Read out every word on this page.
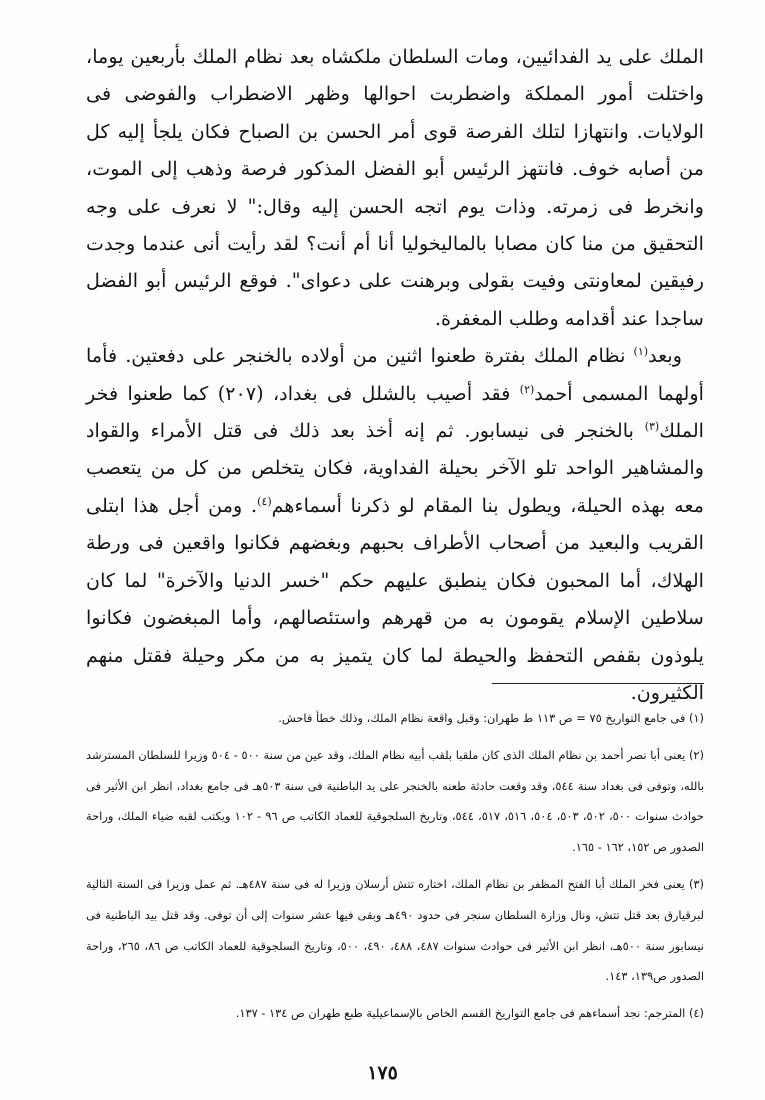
الملك على يد الفدائيين، ومات السلطان ملكشاه بعد نظام الملك بأربعين يوما، واختلت أمور المملكة واضطربت احوالها وظهر الاضطراب والفوضى فى الولايات. وانتهازا لتلك الفرصة قوى أمر الحسن بن الصباح فكان يلجأ إليه كل من أصابه خوف. فانتهز الرئيس أبو الفضل المذكور فرصة وذهب إلى الموت، وانخرط فى زمرته. وذات يوم اتجه الحسن إليه وقال:" لا نعرف على وجه التحقيق من منا كان مصابا بالماليخوليا أنا أم أنت؟ لقد رأيت أنى عندما وجدت رفيقين لمعاونتى وفيت بقولى وبرهنت على دعواى". فوقع الرئيس أبو الفضل ساجدا عند أقدامه وطلب المغفرة.

وبعد$^{(١)}$ نظام الملك بفترة طعنوا اثنين من أولاده بالخنجر على دفعتين. فأما أولهما المسمى أحمد$^{(٢)}$ فقد أصيب بالشلل فى بغداد، (٢٠٧) كما طعنوا فخر الملك$^{(٣)}$ بالخنجر فى نيسابور. ثم إنه أخذ بعد ذلك فى قتل الأمراء والقواد والمشاهير الواحد تلو الآخر بحيلة الفداوية، فكان يتخلص من كل من يتعصب معه بهذه الحيلة، ويطول بنا المقام لو ذكرنا أسماءهم$^{(٤)}$. ومن أجل هذا ابتلى القريب والبعيد من أصحاب الأطراف بحبهم وبغضهم فكانوا واقعين فى ورطة الهلاك، أما المحبون فكان ينطبق عليهم حكم "خسر الدنيا والآخرة" لما كان سلاطين الإسلام يقومون به من قهرهم واستئصالهم، وأما المبغضون فكانوا يلوذون بقفص التحفظ والحيطة لما كان يتميز به من مكر وحيلة فقتل منهم الكثيرون.

(١) فى جامع التواريخ ٧٥ = ص ١١٣ ط طهران: وقبل واقعة نظام الملك، وذلك خطأ فاحش.

(٢) يعنى أبا نصر أحمد بن نظام الملك الذى كان ملقبا بلقب أبيه نظام الملك، وقد عين من سنة ٥٠٠ - ٥٠٤ وزيرا للسلطان المسترشد بالله، وتوفى فى بغداد سنة ٥٤٤، وقد وقعت حادثة طعنه بالخنجر على يد الباطنية فى سنة ٥٠٣هـ فى جامع بغداد، انظر ابن الأثير فى حوادث سنوات ٥٠٠، ٥٠٢، ٥٠٣، ٥٠٤، ٥١٦، ٥١٧، ٥٤٤، وتاريخ السلجوقية للعماد الكاتب ص ٩٦ - ١٠٢ ويكتب لقبه ضياء الملك، وراحة الصدور ص ١٥٢، ١٦٢ - ١٦٥.

(٣) يعنى فخر الملك أبا الفتح المظفر بن نظام الملك، اختاره تتش أرسلان وزيرا له فى سنة ٤٨٧هـ. ثم عمل وزيرا فى السنة التالية لبرقيارق بعد قتل تتش، ونال وزارة السلطان سنجر فى حدود ٤٩٠هـ وبقى فيها عشر سنوات إلى أن توفى. وقد قتل بيد الباطنية فى نيسابور سنة ٥٠٠هـ، انظر ابن الأثير فى حوادث سنوات ٤٨٧، ٤٨٨، ٤٩٠، ٥٠٠، وتاريخ السلجوقية للعماد الكاتب ص ٨٦، ٢٦٥، وراحة الصدور ص١٣٩، ١٤٣.

(٤) المترجم: نجد أسماءهم فى جامع التواريخ القسم الخاص بالإسماعيلية طبع طهران ص ١٣٤ - ١٣٧.

١٧٥
